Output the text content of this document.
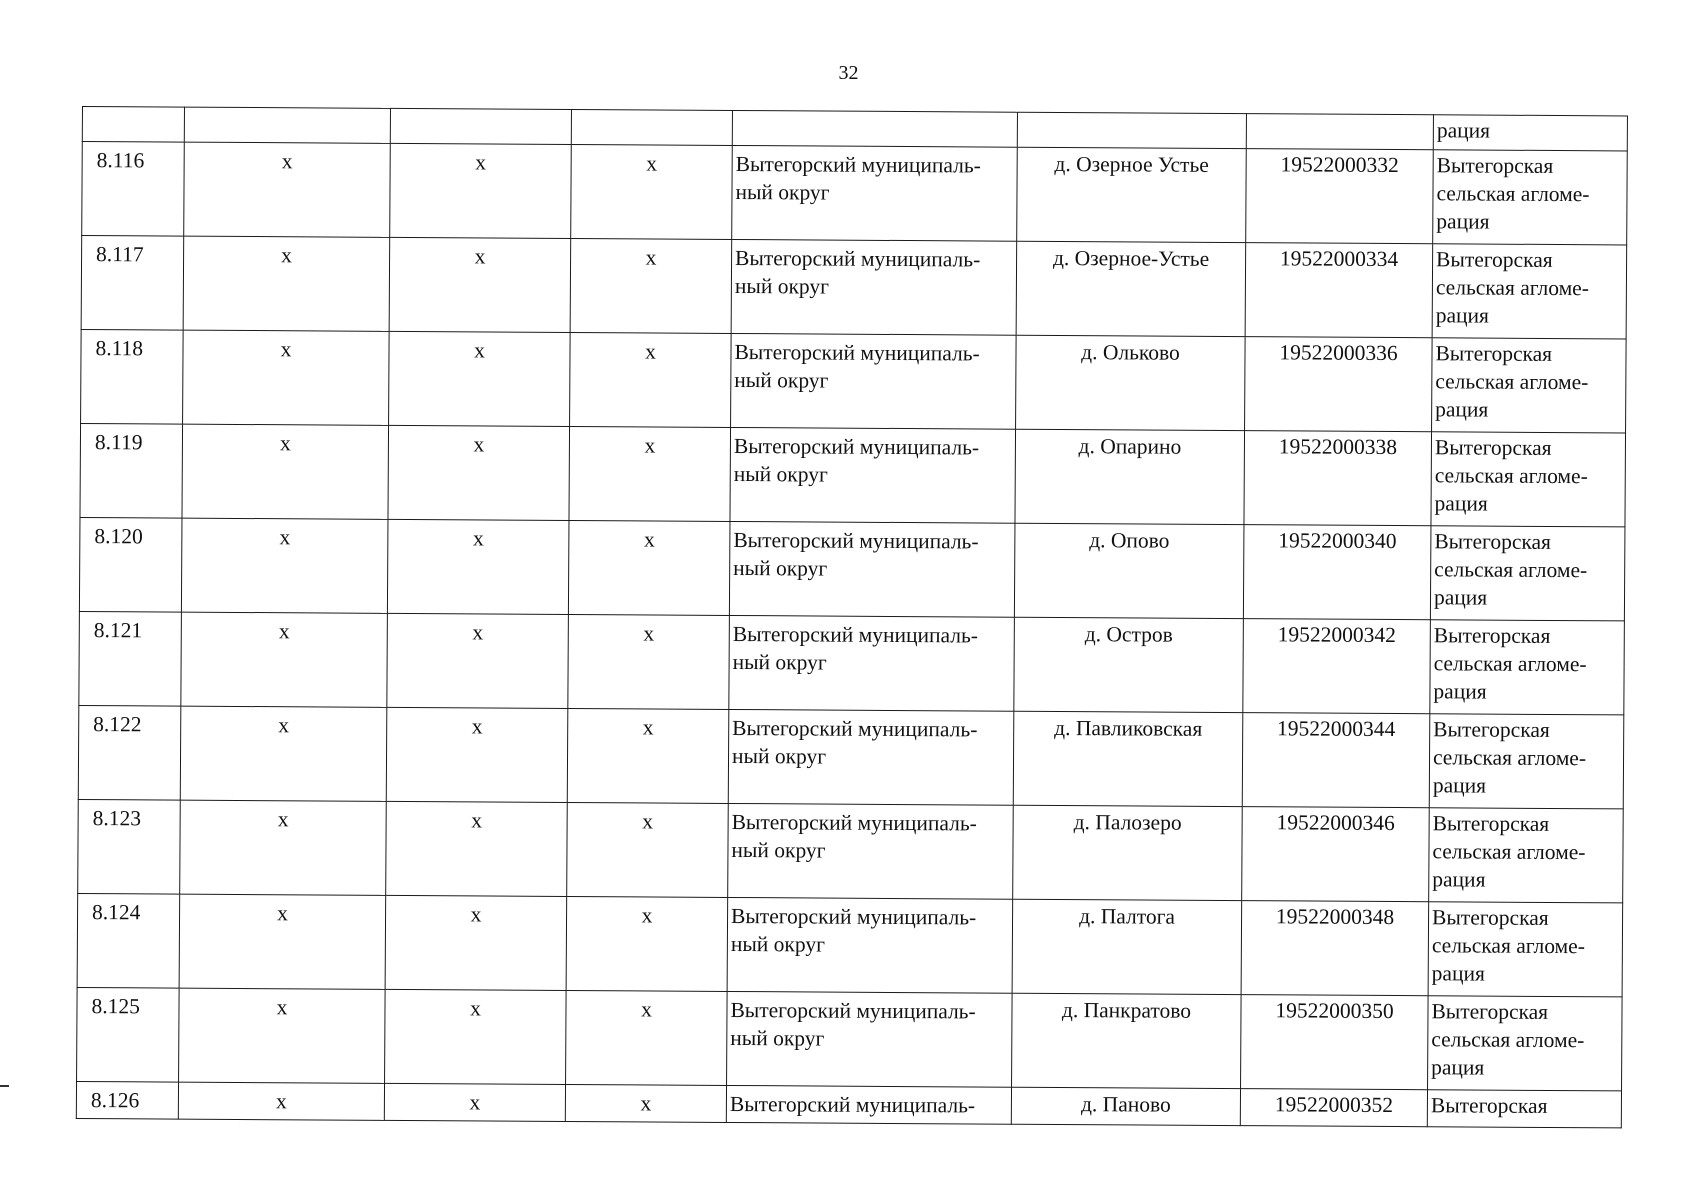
32
							рация
8.116	x	x	x	Вытегорский муниципаль-ный округ	д. Озерное Устье	19522000332	Вытегорская сельская агломе-рация
8.117	x	x	x	Вытегорский муниципаль-ный округ	д. Озерное-Устье	19522000334	Вытегорская сельская агломе-рация
8.118	x	x	x	Вытегорский муниципаль-ный округ	д. Ольково	19522000336	Вытегорская сельская агломе-рация
8.119	x	x	x	Вытегорский муниципаль-ный округ	д. Опарино	19522000338	Вытегорская сельская агломе-рация
8.120	x	x	x	Вытегорский муниципаль-ный округ	д. Опово	19522000340	Вытегорская сельская агломе-рация
8.121	x	x	x	Вытегорский муниципаль-ный округ	д. Остров	19522000342	Вытегорская сельская агломе-рация
8.122	x	x	x	Вытегорский муниципаль-ный округ	д. Павликовская	19522000344	Вытегорская сельская агломе-рация
8.123	x	x	x	Вытегорский муниципаль-ный округ	д. Палозеро	19522000346	Вытегорская сельская агломе-рация
8.124	x	x	x	Вытегорский муниципаль-ный округ	д. Палтога	19522000348	Вытегорская сельская агломе-рация
8.125	x	x	x	Вытегорский муниципаль-ный округ	д. Панкратово	19522000350	Вытегорская сельская агломе-рация
8.126	x	x	x	Вытегорский муниципаль-	д. Паново	19522000352	Вытегорская
